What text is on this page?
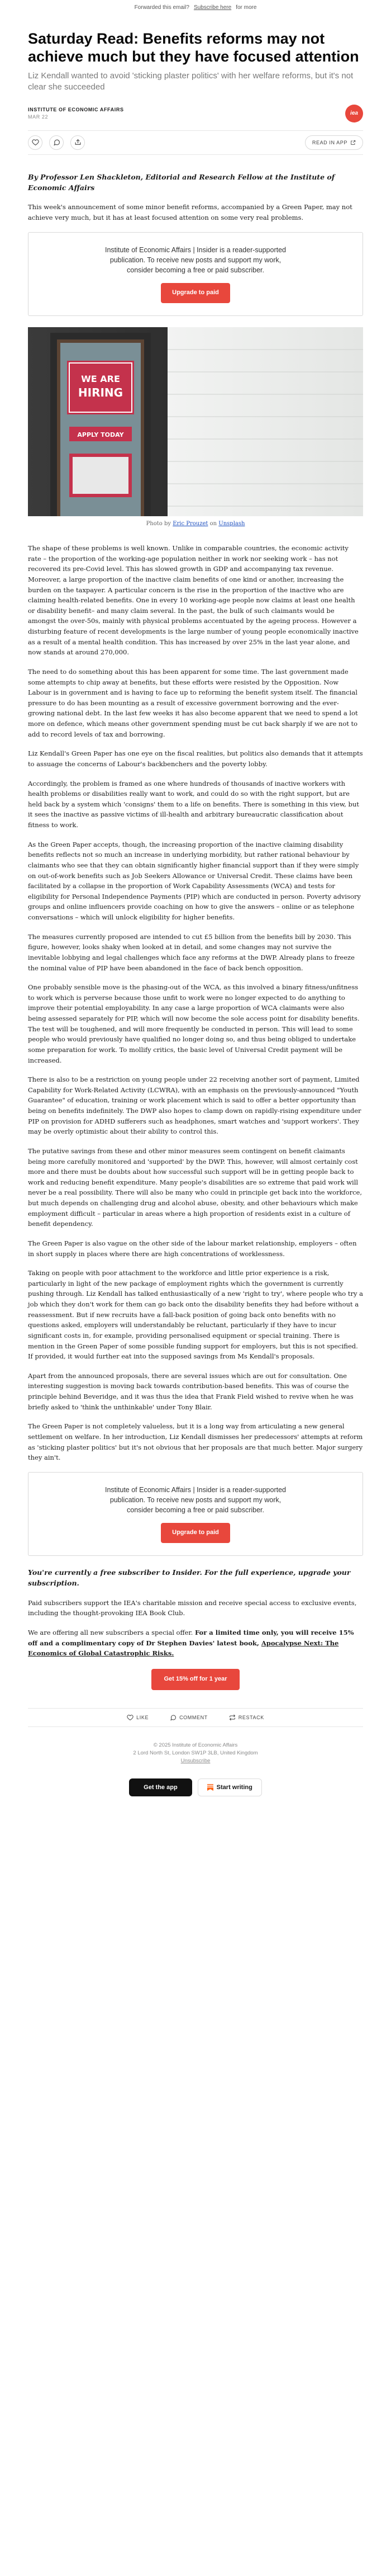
Forwarded this email? Subscribe here for more
Saturday Read: Benefits reforms may not achieve much but they have focused attention
Liz Kendall wanted to avoid 'sticking plaster politics' with her welfare reforms, but it's not clear she succeeded
INSTITUTE OF ECONOMIC AFFAIRS
MAR 22
iea
READ IN APP

By Professor Len Shackleton, Editorial and Research Fellow at the Institute of Economic Affairs

This week's announcement of some minor benefit reforms, accompanied by a Green Paper, may not achieve very much, but it has at least focused attention on some very real problems.

Institute of Economic Affairs | Insider is a reader-supported publication. To receive new posts and support my work, consider becoming a free or paid subscriber.

Upgrade to paid
WE ARE
HIRING
APPLY TODAY
Photo by Eric Prouzet on Unsplash

The shape of these problems is well known. Unlike in comparable countries, the economic activity rate – the proportion of the working-age population neither in work nor seeking work – has not recovered its pre-Covid level. This has slowed growth in GDP and accompanying tax revenue. Moreover, a large proportion of the inactive claim benefits of one kind or another, increasing the burden on the taxpayer. A particular concern is the rise in the proportion of the inactive who are claiming health-related benefits. One in every 10 working-age people now claims at least one health or disability benefit– and many claim several. In the past, the bulk of such claimants would be amongst the over-50s, mainly with physical problems accentuated by the ageing process. However a disturbing feature of recent developments is the large number of young people economically inactive as a result of a mental health condition. This has increased by over 25% in the last year alone, and now stands at around 270,000.

The need to do something about this has been apparent for some time. The last government made some attempts to chip away at benefits, but these efforts were resisted by the Opposition. Now Labour is in government and is having to face up to reforming the benefit system itself. The financial pressure to do has been mounting as a result of excessive government borrowing and the ever-growing national debt. In the last few weeks it has also become apparent that we need to spend a lot more on defence, which means other government spending must be cut back sharply if we are not to add to record levels of tax and borrowing.

Liz Kendall's Green Paper has one eye on the fiscal realities, but politics also demands that it attempts to assuage the concerns of Labour's backbenchers and the poverty lobby.

Accordingly, the problem is framed as one where hundreds of thousands of inactive workers with health problems or disabilities really want to work, and could do so with the right support, but are held back by a system which 'consigns' them to a life on benefits. There is something in this view, but it sees the inactive as passive victims of ill-health and arbitrary bureaucratic classification about fitness to work.

As the Green Paper accepts, though, the increasing proportion of the inactive claiming disability benefits reflects not so much an increase in underlying morbidity, but rather rational behaviour by claimants who see that they can obtain significantly higher financial support than if they were simply on out-of-work benefits such as Job Seekers Allowance or Universal Credit. These claims have been facilitated by a collapse in the proportion of Work Capability Assessments (WCA) and tests for eligibility for Personal Independence Payments (PIP) which are conducted in person. Poverty advisory groups and online influencers provide coaching on how to give the answers – online or as telephone conversations – which will unlock eligibility for higher benefits.

The measures currently proposed are intended to cut £5 billion from the benefits bill by 2030. This figure, however, looks shaky when looked at in detail, and some changes may not survive the inevitable lobbying and legal challenges which face any reforms at the DWP. Already plans to freeze the nominal value of PIP have been abandoned in the face of back bench opposition.

One probably sensible move is the phasing-out of the WCA, as this involved a binary fitness/unfitness to work which is perverse because those unfit to work were no longer expected to do anything to improve their potential employability. In any case a large proportion of WCA claimants were also being assessed separately for PIP, which will now become the sole access point for disability benefits. The test will be toughened, and will more frequently be conducted in person. This will lead to some people who would previously have qualified no longer doing so, and thus being obliged to undertake some preparation for work. To mollify critics, the basic level of Universal Credit payment will be increased.

There is also to be a restriction on young people under 22 receiving another sort of payment, Limited Capability for Work-Related Activity (LCWRA), with an emphasis on the previously-announced "Youth Guarantee" of education, training or work placement which is said to offer a better opportunity than being on benefits indefinitely. The DWP also hopes to clamp down on rapidly-rising expenditure under PIP on provision for ADHD sufferers such as headphones, smart watches and 'support workers'. They may be overly optimistic about their ability to control this.

The putative savings from these and other minor measures seem contingent on benefit claimants being more carefully monitored and 'supported' by the DWP. This, however, will almost certainly cost more and there must be doubts about how successful such support will be in getting people back to work and reducing benefit expenditure. Many people's disabilities are so extreme that paid work will never be a real possibility. There will also be many who could in principle get back into the workforce, but much depends on challenging drug and alcohol abuse, obesity, and other behaviours which make employment difficult – particular in areas where a high proportion of residents exist in a culture of benefit dependency.

The Green Paper is also vague on the other side of the labour market relationship, employers – often in short supply in places where there are high concentrations of worklessness.

Taking on people with poor attachment to the workforce and little prior experience is a risk, particularly in light of the new package of employment rights which the government is currently pushing through. Liz Kendall has talked enthusiastically of a new 'right to try', where people who try a job which they don't work for them can go back onto the disability benefits they had before without a reassessment. But if new recruits have a fall-back position of going back onto benefits with no questions asked, employers will understandably be reluctant, particularly if they have to incur significant costs in, for example, providing personalised equipment or special training. There is mention in the Green Paper of some possible funding support for employers, but this is not specified. If provided, it would further eat into the supposed savings from Ms Kendall's proposals.

Apart from the announced proposals, there are several issues which are out for consultation. One interesting suggestion is moving back towards contribution-based benefits. This was of course the principle behind Beveridge, and it was thus the idea that Frank Field wished to revive when he was briefly asked to 'think the unthinkable' under Tony Blair.

The Green Paper is not completely valueless, but it is a long way from articulating a new general settlement on welfare. In her introduction, Liz Kendall dismisses her predecessors' attempts at reform as 'sticking plaster politics' but it's not obvious that her proposals are that much better. Major surgery they ain't.

Institute of Economic Affairs | Insider is a reader-supported publication. To receive new posts and support my work, consider becoming a free or paid subscriber.

Upgrade to paid

You're currently a free subscriber to Insider. For the full experience, upgrade your subscription.

Paid subscribers support the IEA's charitable mission and receive special access to exclusive events, including the thought-provoking IEA Book Club.

We are offering all new subscribers a special offer. For a limited time only, you will receive 15% off and a complimentary copy of Dr Stephen Davies' latest book, Apocalypse Next: The Economics of Global Catastrophic Risks.

Get 15% off for 1 year
LIKE	COMMENT	RESTACK
© 2025 Institute of Economic Affairs
2 Lord North St, London SW1P 3LB, United Kingdom
Unsubscribe
Get the app	Start writing
